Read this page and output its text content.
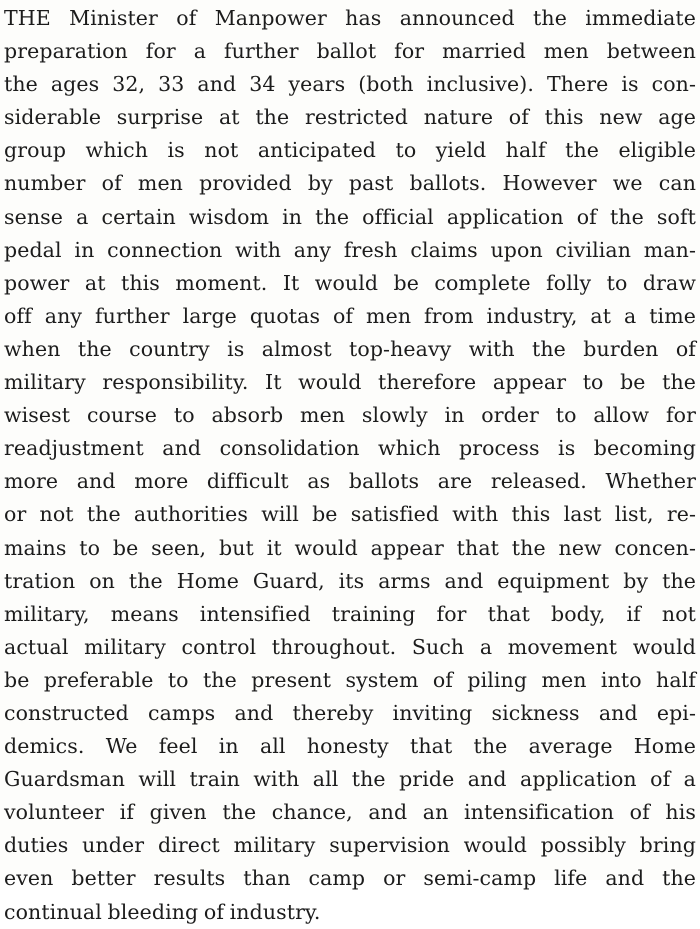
THE Minister of Manpower has announced the immediate
preparation for a further ballot for married men between
the ages 32, 33 and 34 years (both inclusive). There is con-
siderable surprise at the restricted nature of this new age
group which is not anticipated to yield half the eligible
number of men provided by past ballots. However we can
sense a certain wisdom in the official application of the soft
pedal in connection with any fresh claims upon civilian man-
power at this moment. It would be complete folly to draw
off any further large quotas of men from industry, at a time
when the country is almost top-heavy with the burden of
military responsibility. It would therefore appear to be the
wisest course to absorb men slowly in order to allow for
readjustment and consolidation which process is becoming
more and more difficult as ballots are released. Whether
or not the authorities will be satisfied with this last list, re-
mains to be seen, but it would appear that the new concen-
tration on the Home Guard, its arms and equipment by the
military, means intensified training for that body, if not
actual military control throughout. Such a movement would
be preferable to the present system of piling men into half
constructed camps and thereby inviting sickness and epi-
demics. We feel in all honesty that the average Home
Guardsman will train with all the pride and application of a
volunteer if given the chance, and an intensification of his
duties under direct military supervision would possibly bring
even better results than camp or semi-camp life and the
continual bleeding of industry.
